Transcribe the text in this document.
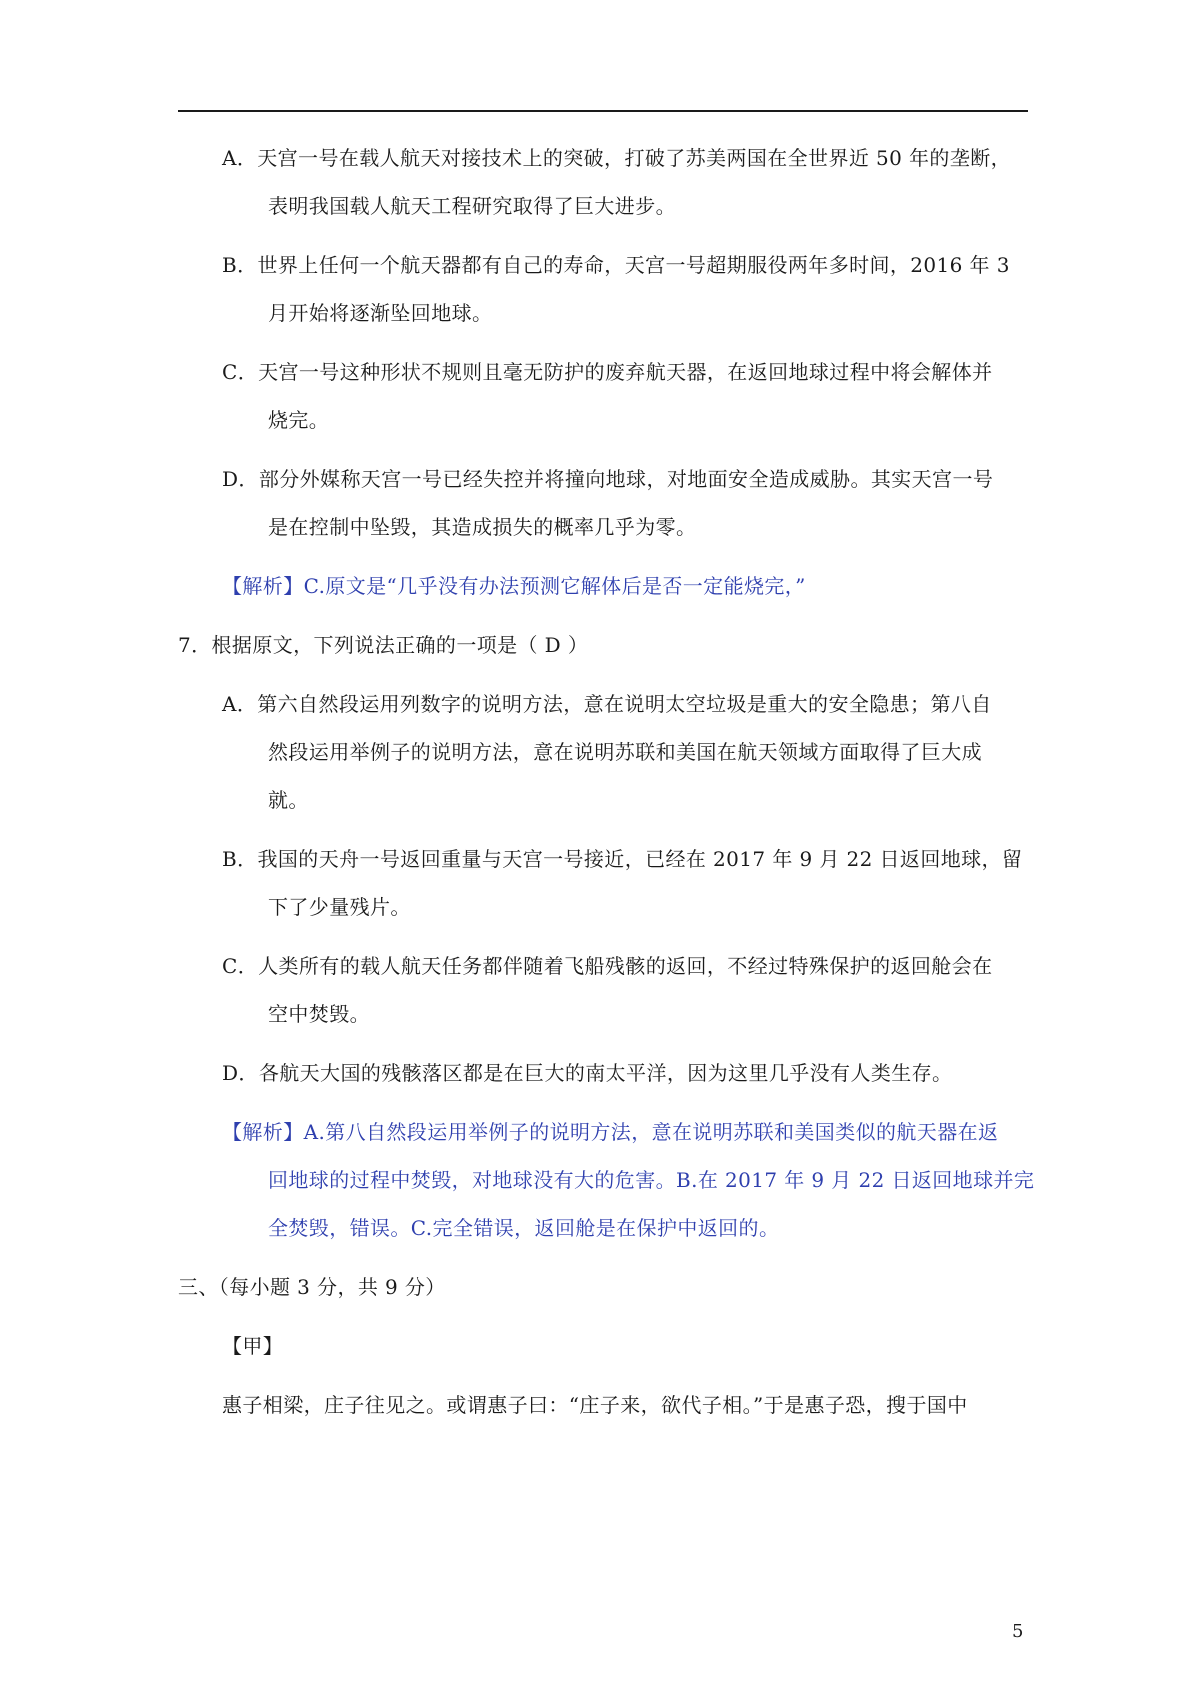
A．天宫一号在载人航天对接技术上的突破，打破了苏美两国在全世界近 50 年的垄断，
表明我国载人航天工程研究取得了巨大进步。
B．世界上任何一个航天器都有自己的寿命，天宫一号超期服役两年多时间，2016 年 3
月开始将逐渐坠回地球。
C．天宫一号这种形状不规则且毫无防护的废弃航天器，在返回地球过程中将会解体并
烧完。
D．部分外媒称天宫一号已经失控并将撞向地球，对地面安全造成威胁。其实天宫一号
是在控制中坠毁，其造成损失的概率几乎为零。
【解析】C.原文是“几乎没有办法预测它解体后是否一定能烧完，”
7．根据原文，下列说法正确的一项是（ D ）
A．第六自然段运用列数字的说明方法，意在说明太空垃圾是重大的安全隐患；第八自
然段运用举例子的说明方法，意在说明苏联和美国在航天领域方面取得了巨大成
就。
B．我国的天舟一号返回重量与天宫一号接近，已经在 2017 年 9 月 22 日返回地球，留
下了少量残片。
C．人类所有的载人航天任务都伴随着飞船残骸的返回，不经过特殊保护的返回舱会在
空中焚毁。
D．各航天大国的残骸落区都是在巨大的南太平洋，因为这里几乎没有人类生存。
【解析】A.第八自然段运用举例子的说明方法，意在说明苏联和美国类似的航天器在返
回地球的过程中焚毁，对地球没有大的危害。B.在 2017 年 9 月 22 日返回地球并完
全焚毁，错误。C.完全错误，返回舱是在保护中返回的。
三、（每小题 3 分，共 9 分）
【甲】
惠子相梁，庄子往见之。或谓惠子曰：“庄子来，欲代子相。”于是惠子恐，搜于国中
5
